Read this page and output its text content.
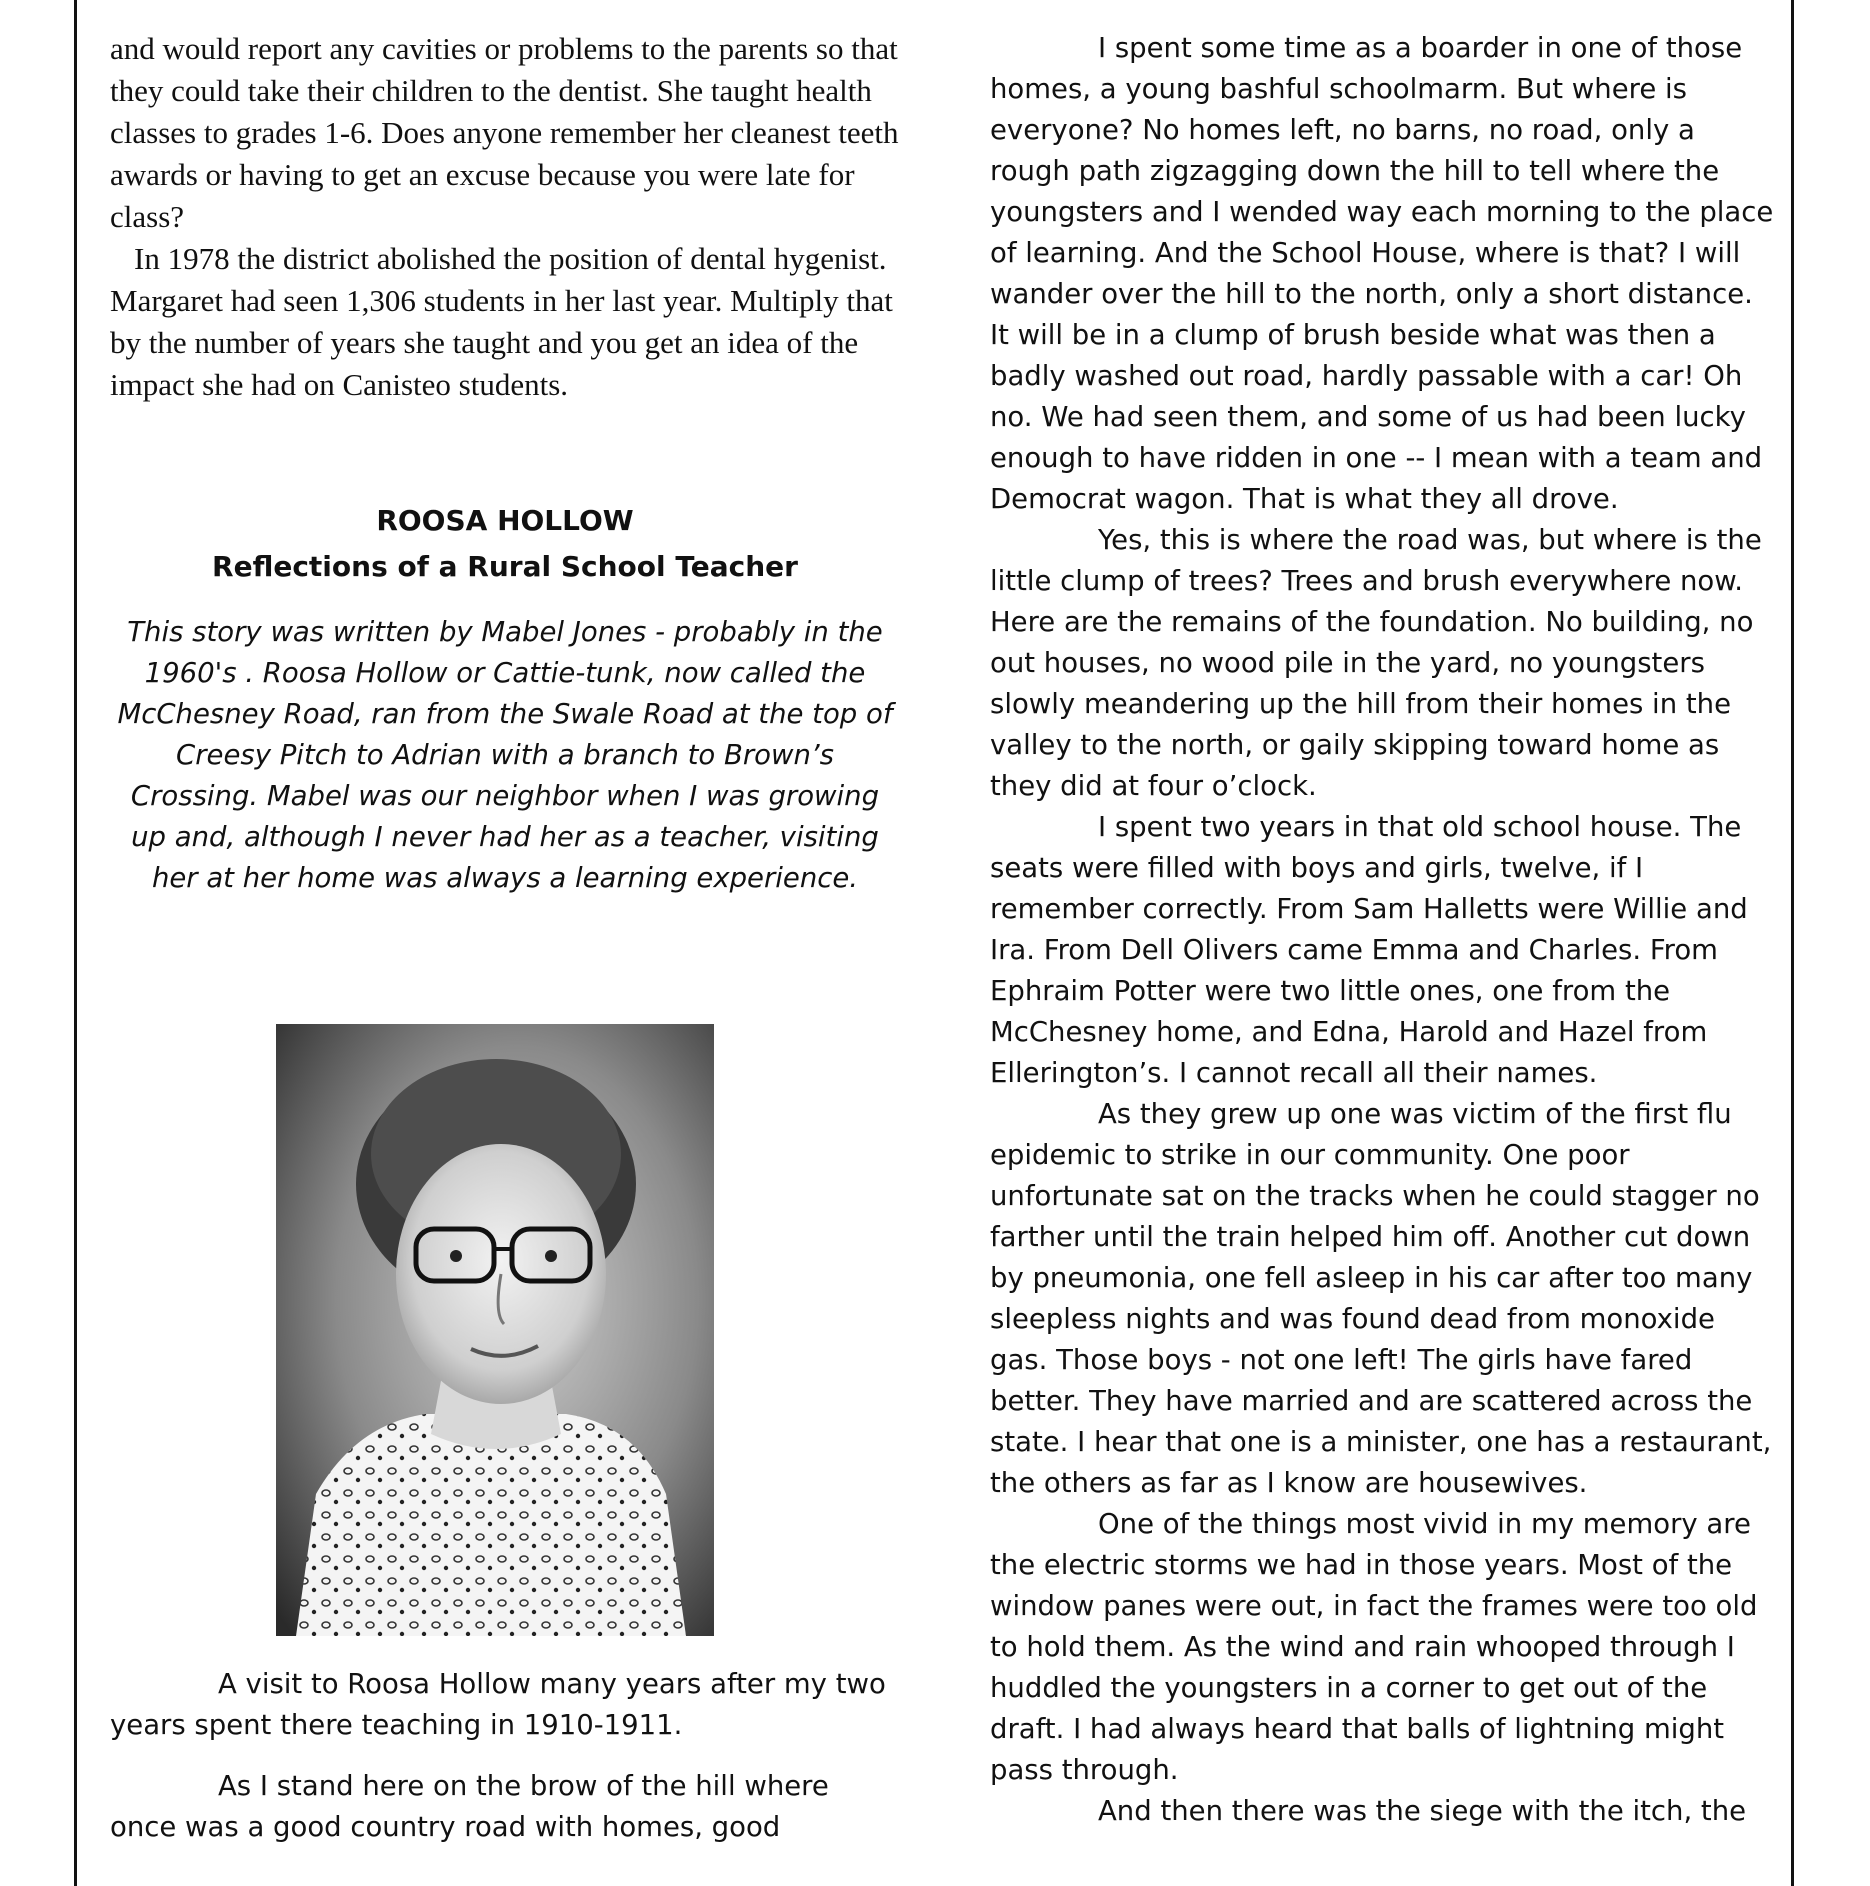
and would report any cavities or problems to the parents so that they could take their children to the dentist. She taught health classes to grades 1-6. Does anyone remember her cleanest teeth awards or having to get an excuse because you were late for class?

In 1978 the district abolished the position of dental hygenist. Margaret had seen 1,306 students in her last year. Multiply that by the number of years she taught and you get an idea of the impact she had on Canisteo students.

ROOSA HOLLOW

Reflections of a Rural School Teacher

This story was written by Mabel Jones - probably in the 1960's . Roosa Hollow or Cattie-tunk, now called the McChesney Road, ran from the Swale Road at the top of Creesy Pitch to Adrian with a branch to Brown’s Crossing. Mabel was our neighbor when I was growing up and, although I never had her as a teacher, visiting her at her home was always a learning experience.

A visit to Roosa Hollow many years after my two years spent there teaching in 1910-1911.

As I stand here on the brow of the hill where once was a good country road with homes, good

I spent some time as a boarder in one of those homes, a young bashful schoolmarm. But where is everyone? No homes left, no barns, no road, only a rough path zigzagging down the hill to tell where the youngsters and I wended way each morning to the place of learning. And the School House, where is that? I will wander over the hill to the north, only a short distance. It will be in a clump of brush beside what was then a badly washed out road, hardly passable with a car! Oh no. We had seen them, and some of us had been lucky enough to have ridden in one -- I mean with a team and Democrat wagon. That is what they all drove.

Yes, this is where the road was, but where is the little clump of trees? Trees and brush everywhere now. Here are the remains of the foundation. No building, no out houses, no wood pile in the yard, no youngsters slowly meandering up the hill from their homes in the valley to the north, or gaily skipping toward home as they did at four o’clock.

I spent two years in that old school house. The seats were filled with boys and girls, twelve, if I remember correctly. From Sam Halletts were Willie and Ira. From Dell Olivers came Emma and Charles. From Ephraim Potter were two little ones, one from the McChesney home, and Edna, Harold and Hazel from Ellerington’s. I cannot recall all their names.

As they grew up one was victim of the first flu epidemic to strike in our community. One poor unfortunate sat on the tracks when he could stagger no farther until the train helped him off. Another cut down by pneumonia, one fell asleep in his car after too many sleepless nights and was found dead from monoxide gas. Those boys - not one left! The girls have fared better. They have married and are scattered across the state. I hear that one is a minister, one has a restaurant, the others as far as I know are housewives.

One of the things most vivid in my memory are the electric storms we had in those years. Most of the window panes were out, in fact the frames were too old to hold them. As the wind and rain whooped through I huddled the youngsters in a corner to get out of the draft. I had always heard that balls of lightning might pass through.

And then there was the siege with the itch, the
